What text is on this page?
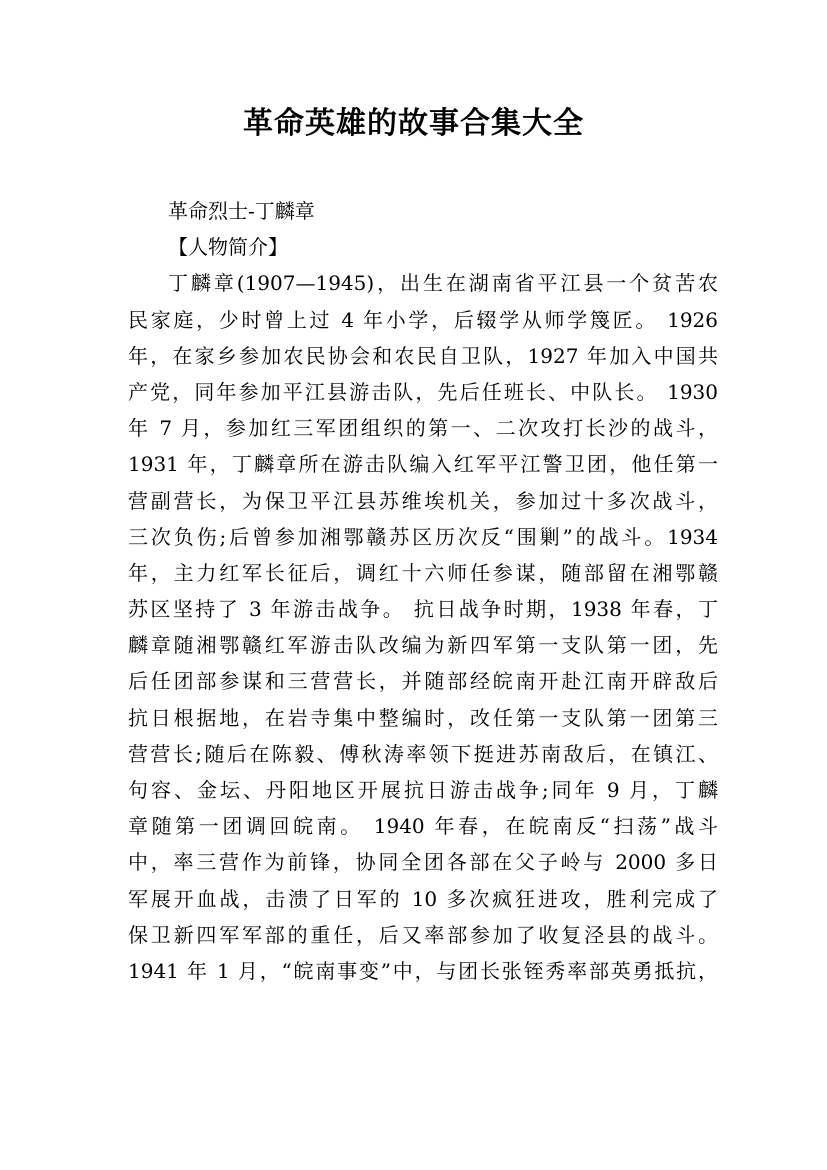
革命英雄的故事合集大全
革命烈士-丁麟章
【人物简介】
丁麟章(1907—1945)，出生在湖南省平江县一个贫苦农
民家庭，少时曾上过 4 年小学，后辍学从师学篾匠。 1926
年，在家乡参加农民协会和农民自卫队，1927 年加入中国共
产党，同年参加平江县游击队，先后任班长、中队长。 1930
年 7 月，参加红三军团组织的第一、二次攻打长沙的战斗，
1931 年，丁麟章所在游击队编入红军平江警卫团，他任第一
营副营长，为保卫平江县苏维埃机关，参加过十多次战斗，
三次负伤;后曾参加湘鄂赣苏区历次反“围剿”的战斗。1934
年，主力红军长征后，调红十六师任参谋，随部留在湘鄂赣
苏区坚持了 3 年游击战争。 抗日战争时期，1938 年春，丁
麟章随湘鄂赣红军游击队改编为新四军第一支队第一团，先
后任团部参谋和三营营长，并随部经皖南开赴江南开辟敌后
抗日根据地，在岩寺集中整编时，改任第一支队第一团第三
营营长;随后在陈毅、傅秋涛率领下挺进苏南敌后，在镇江、
句容、金坛、丹阳地区开展抗日游击战争;同年 9 月，丁麟
章随第一团调回皖南。 1940 年春，在皖南反“扫荡”战斗
中，率三营作为前锋，协同全团各部在父子岭与 2000 多日
军展开血战，击溃了日军的 10 多次疯狂进攻，胜利完成了
保卫新四军军部的重任，后又率部参加了收复泾县的战斗。
1941 年 1 月，“皖南事变”中，与团长张铚秀率部英勇抵抗，
